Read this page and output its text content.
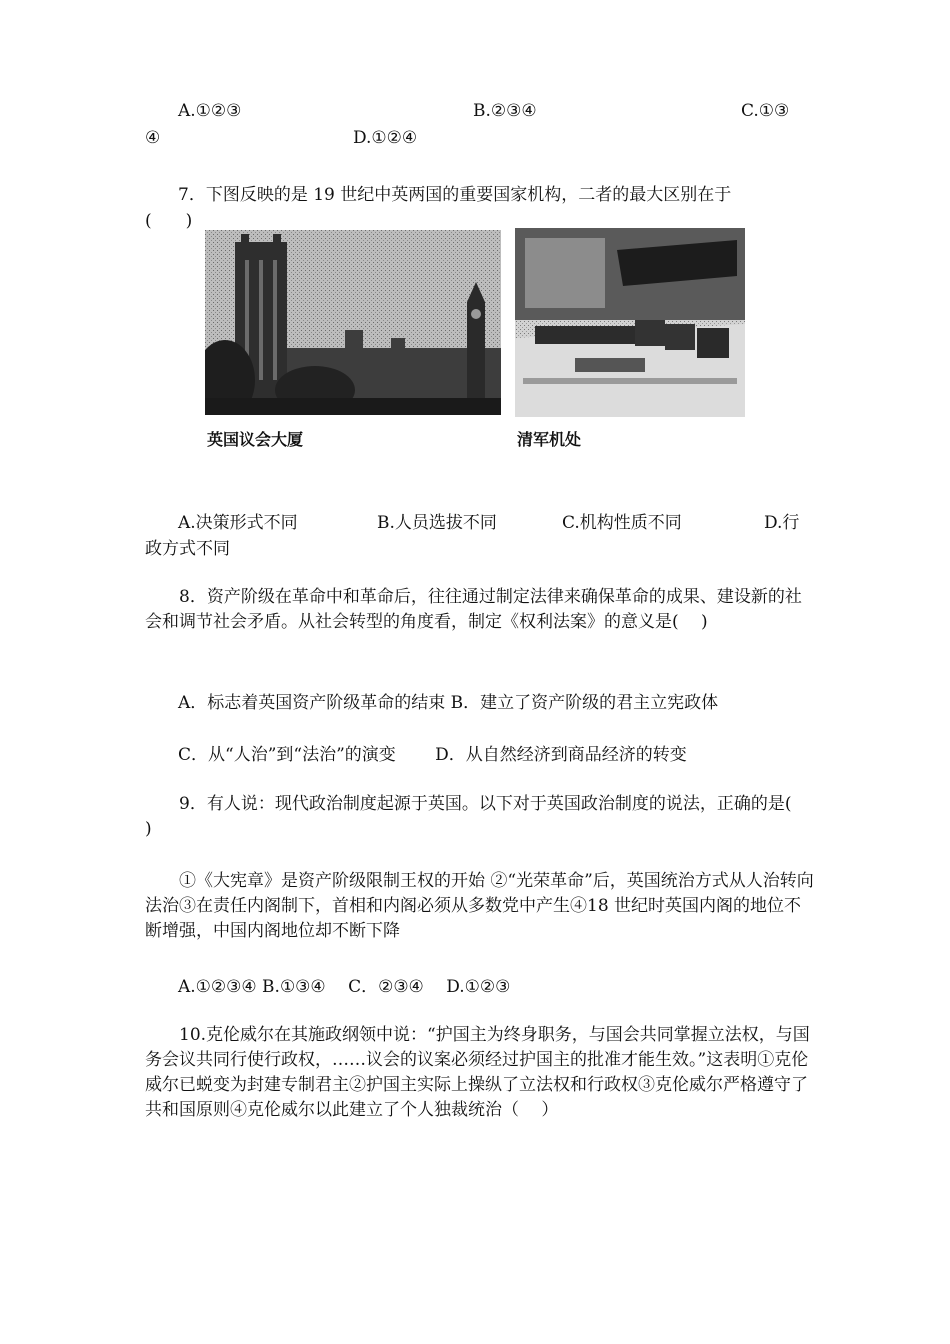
A.①②③	B.②③④	C.①③
④	D.①②④
7．下图反映的是 19 世纪中英两国的重要国家机构，二者的最大区别在于
(　　)
英国议会大厦	清军机处
A.决策形式不同	B.人员选拔不同	C.机构性质不同	D.行
政方式不同
8．资产阶级在革命中和革命后，往往通过制定法律来确保革命的成果、建设新的社会和调节社会矛盾。从社会转型的角度看，制定《权利法案》的意义是(　 )
A．标志着英国资产阶级革命的结束 B．建立了资产阶级的君主立宪政体
C．从“人治”到“法治”的演变　　 D．从自然经济到商品经济的转变
9．有人说：现代政治制度起源于英国。以下对于英国政治制度的说法，正确的是(　 )
①《大宪章》是资产阶级限制王权的开始 ②“光荣革命”后，英国统治方式从人治转向法治③在责任内阁制下，首相和内阁必须从多数党中产生④18 世纪时英国内阁的地位不断增强，中国内阁地位却不断下降
A.①②③④ B.①③④　 C．②③④　 D.①②③
10.克伦威尔在其施政纲领中说：“护国主为终身职务，与国会共同掌握立法权，与国务会议共同行使行政权，……议会的议案必须经过护国主的批准才能生效。”这表明①克伦威尔已蜕变为封建专制君主②护国主实际上操纵了立法权和行政权③克伦威尔严格遵守了共和国原则④克伦威尔以此建立了个人独裁统治（　 ）
